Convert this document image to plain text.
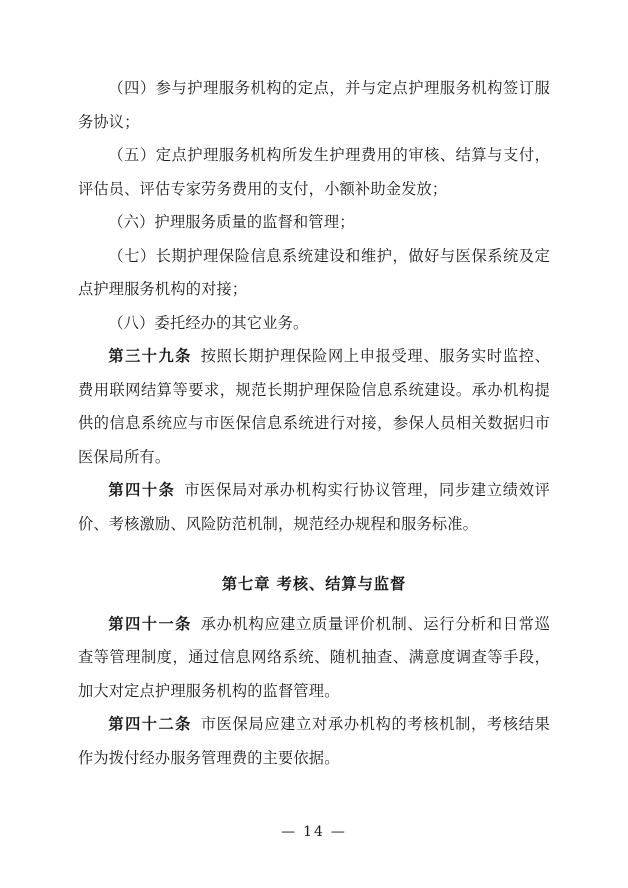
（四）参与护理服务机构的定点，并与定点护理服务机构签订服务协议；

（五）定点护理服务机构所发生护理费用的审核、结算与支付，评估员、评估专家劳务费用的支付，小额补助金发放；

（六）护理服务质量的监督和管理；

（七）长期护理保险信息系统建设和维护，做好与医保系统及定点护理服务机构的对接；

（八）委托经办的其它业务。

第三十九条 按照长期护理保险网上申报受理、服务实时监控、费用联网结算等要求，规范长期护理保险信息系统建设。承办机构提供的信息系统应与市医保信息系统进行对接，参保人员相关数据归市医保局所有。

第四十条 市医保局对承办机构实行协议管理，同步建立绩效评价、考核激励、风险防范机制，规范经办规程和服务标准。

第七章 考核、结算与监督

第四十一条 承办机构应建立质量评价机制、运行分析和日常巡查等管理制度，通过信息网络系统、随机抽查、满意度调查等手段，加大对定点护理服务机构的监督管理。

第四十二条 市医保局应建立对承办机构的考核机制，考核结果作为拨付经办服务管理费的主要依据。

— 14 —
